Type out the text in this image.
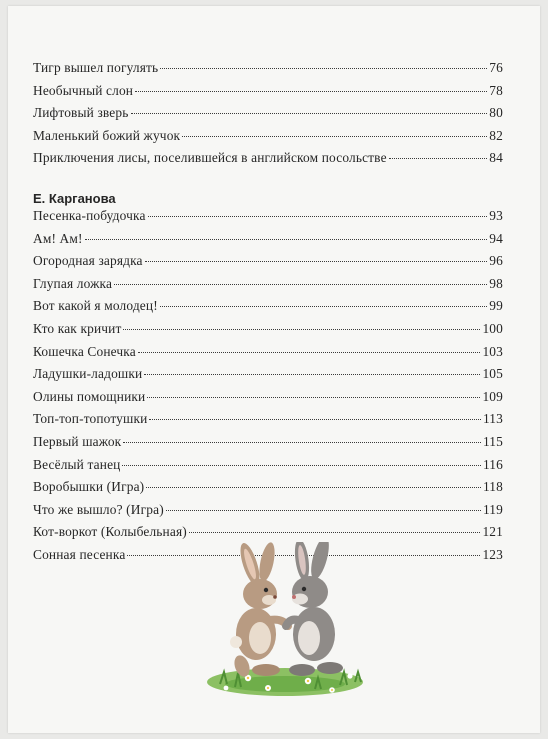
Тигр вышел погулять	76
Необычный слон	78
Лифтовый зверь	80
Маленький божий жучок	82
Приключения лисы, поселившейся в английском посольстве	84
Е. Карганова
Песенка-побудочка	93
Ам! Ам!	94
Огородная зарядка	96
Глупая ложка	98
Вот какой я молодец!	99
Кто как кричит	100
Кошечка Сонечка	103
Ладушки-ладошки	105
Олины помощники	109
Топ-топ-топотушки	113
Первый шажок	115
Весёлый танец	116
Воробышки (Игра)	118
Что же вышло? (Игра)	119
Кот-воркот (Колыбельная)	121
Сонная песенка	123
